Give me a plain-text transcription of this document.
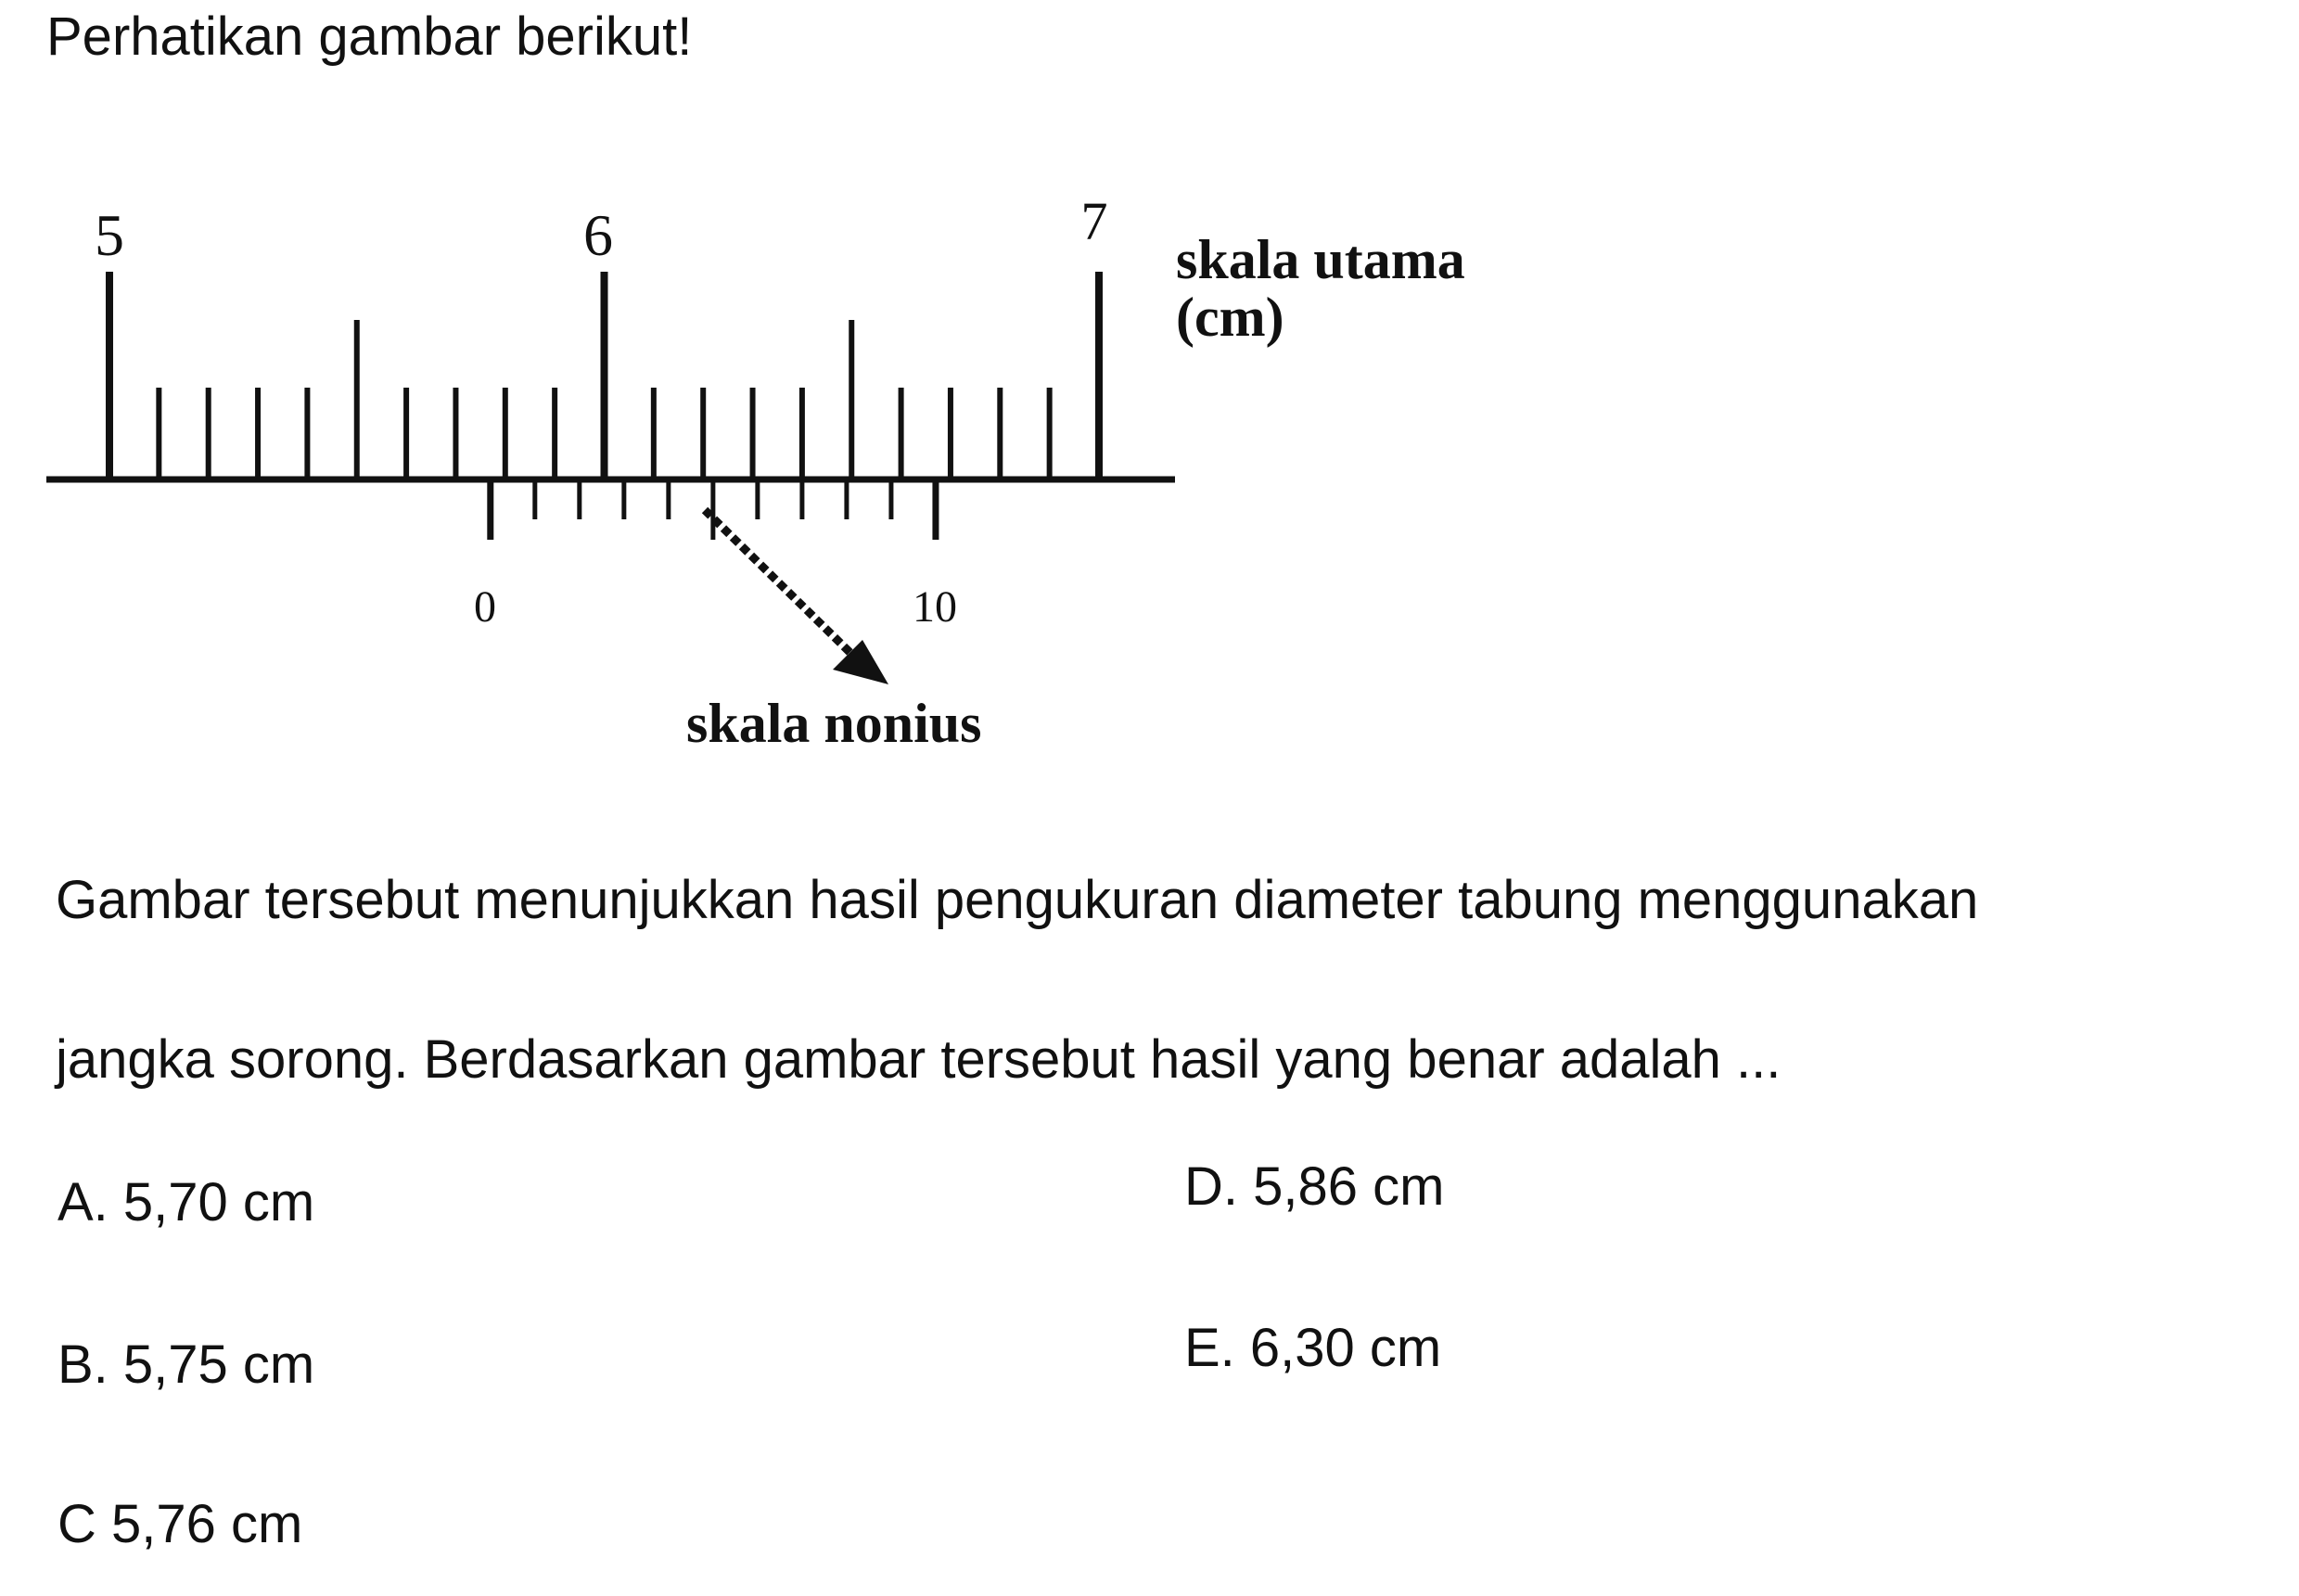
Perhatikan gambar berikut!
5	6	7
skala utama
(cm)
0	10
skala nonius
Gambar tersebut menunjukkan hasil pengukuran diameter tabung menggunakan
jangka sorong. Berdasarkan gambar tersebut hasil yang benar adalah ...
A. 5,70 cm
B. 5,75 cm
C 5,76 cm
D. 5,86 cm
E. 6,30 cm
